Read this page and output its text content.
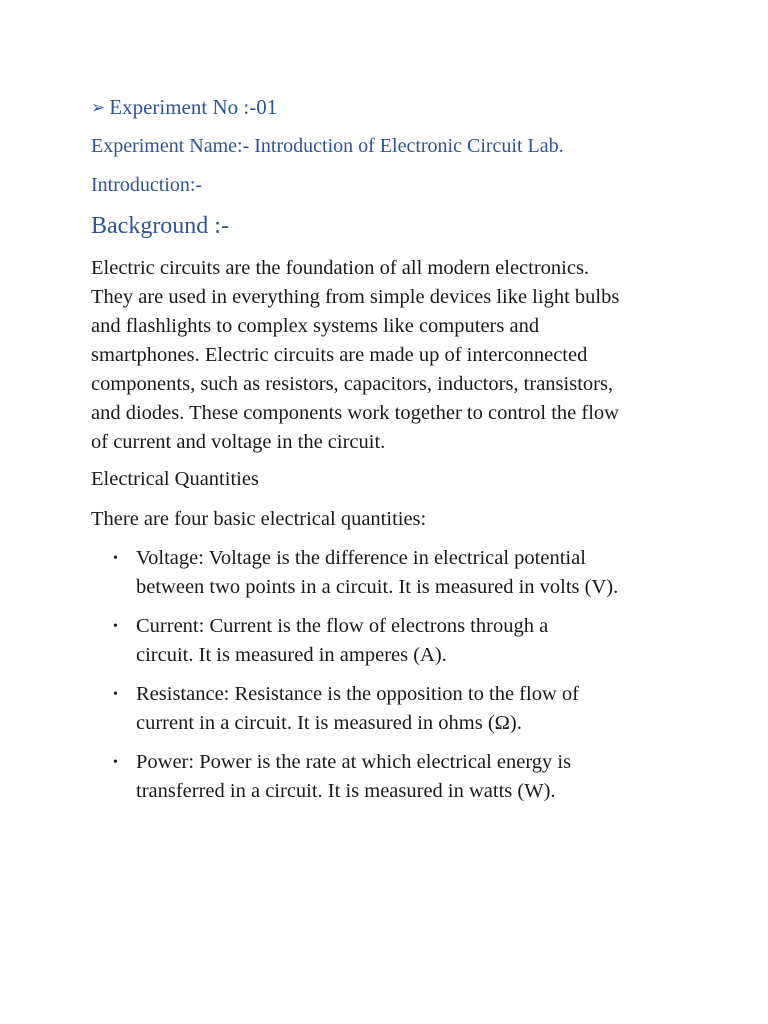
➢ Experiment No :-01
Experiment Name:- Introduction of Electronic Circuit Lab.
Introduction:-
Background :-
Electric circuits are the foundation of all modern electronics.
They are used in everything from simple devices like light bulbs
and flashlights to complex systems like computers and
smartphones. Electric circuits are made up of interconnected
components, such as resistors, capacitors, inductors, transistors,
and diodes. These components work together to control the flow
of current and voltage in the circuit.
Electrical Quantities
There are four basic electrical quantities:
• Voltage: Voltage is the difference in electrical potential
between two points in a circuit. It is measured in volts (V).
• Current: Current is the flow of electrons through a
circuit. It is measured in amperes (A).
• Resistance: Resistance is the opposition to the flow of
current in a circuit. It is measured in ohms (Ω).
• Power: Power is the rate at which electrical energy is
transferred in a circuit. It is measured in watts (W).
